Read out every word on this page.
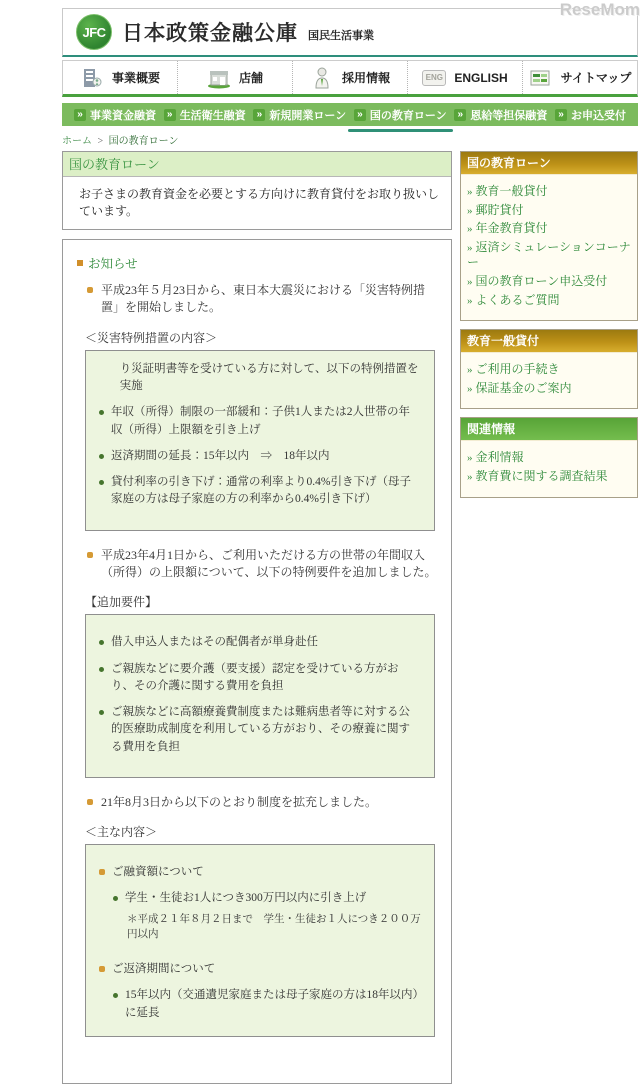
ReseMom
JFC 日本政策金融公庫 国民生活事業
事業概要	店舗	採用情報	ENG ENGLISH	サイトマップ
» 事業資金融資	» 生活衛生融資	» 新規開業ローン	» 国の教育ローン	» 恩給等担保融資	» お申込受付
ホーム > 国の教育ローン
国の教育ローン
お子さまの教育資金を必要とする方向けに教育貸付をお取り扱いしています。
お知らせ
平成23年５月23日から、東日本大震災における「災害特例措置」を開始しました。
＜災害特例措置の内容＞
り災証明書等を受けている方に対して、以下の特例措置を実施
年収（所得）制限の一部緩和：子供1人または2人世帯の年収（所得）上限額を引き上げ
返済期間の延長：15年以内　⇒　18年以内
貸付利率の引き下げ：通常の利率より0.4%引き下げ（母子家庭の方は母子家庭の方の利率から0.4%引き下げ）
平成23年4月1日から、ご利用いただける方の世帯の年間収入（所得）の上限額について、以下の特例要件を追加しました。
【追加要件】
借入申込人またはその配偶者が単身赴任
ご親族などに要介護（要支援）認定を受けている方がおり、その介護に関する費用を負担
ご親族などに高額療養費制度または難病患者等に対する公的医療助成制度を利用している方がおり、その療養に関する費用を負担
21年8月3日から以下のとおり制度を拡充しました。
＜主な内容＞
ご融資額について
学生・生徒お1人につき300万円以内に引き上げ
＊平成２１年８月２日まで　学生・生徒お１人につき２００万円以内
ご返済期間について
15年以内（交通遺児家庭または母子家庭の方は18年以内）に延長
国の教育ローン
» 教育一般貸付
» 郵貯貸付
» 年金教育貸付
» 返済シミュレーションコーナー
» 国の教育ローン申込受付
» よくあるご質問
教育一般貸付
» ご利用の手続き
» 保証基金のご案内
関連情報
» 金利情報
» 教育費に関する調査結果
